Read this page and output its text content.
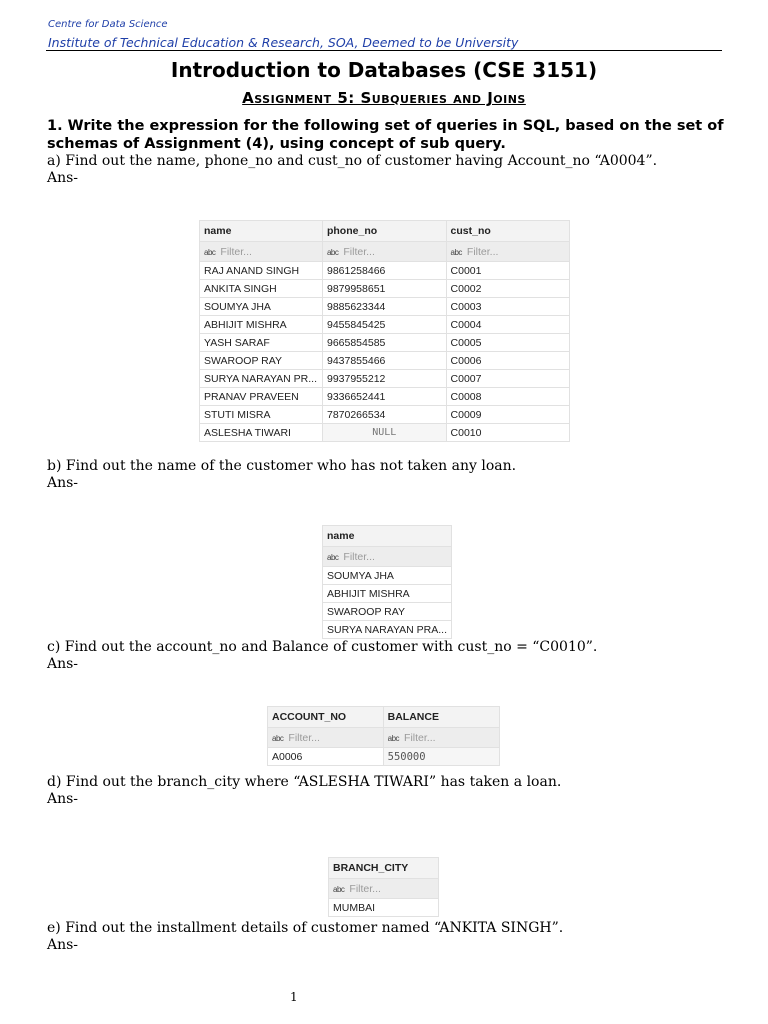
Centre for Data Science
Institute of Technical Education & Research, SOA, Deemed to be University
Introduction to Databases (CSE 3151)
Assignment 5: Subqueries and Joins
1. Write the expression for the following set of queries in SQL, based on the set of schemas of Assignment (4), using concept of sub query.
a) Find out the name, phone_no and cust_no of customer having Account_no “A0004”.
Ans-
name	phone_no	cust_no
abc Filter...	abc Filter...	abc Filter...
RAJ ANAND SINGH	9861258466	C0001
ANKITA SINGH	9879958651	C0002
SOUMYA JHA	9885623344	C0003
ABHIJIT MISHRA	9455845425	C0004
YASH SARAF	9665854585	C0005
SWAROOP RAY	9437855466	C0006
SURYA NARAYAN PR...	9937955212	C0007
PRANAV PRAVEEN	9336652441	C0008
STUTI MISRA	7870266534	C0009
ASLESHA TIWARI	NULL	C0010
b) Find out the name of the customer who has not taken any loan.
Ans-
name
abc Filter...
SOUMYA JHA
ABHIJIT MISHRA
SWAROOP RAY
SURYA NARAYAN PRA...
c) Find out the account_no and Balance of customer with cust_no = “C0010”.
Ans-
ACCOUNT_NO	BALANCE
abc Filter...	abc Filter...
A0006	550000
d) Find out the branch_city where “ASLESHA TIWARI” has taken a loan.
Ans-
BRANCH_CITY
abc Filter...
MUMBAI
e) Find out the installment details of customer named “ANKITA SINGH”.
Ans-
1
